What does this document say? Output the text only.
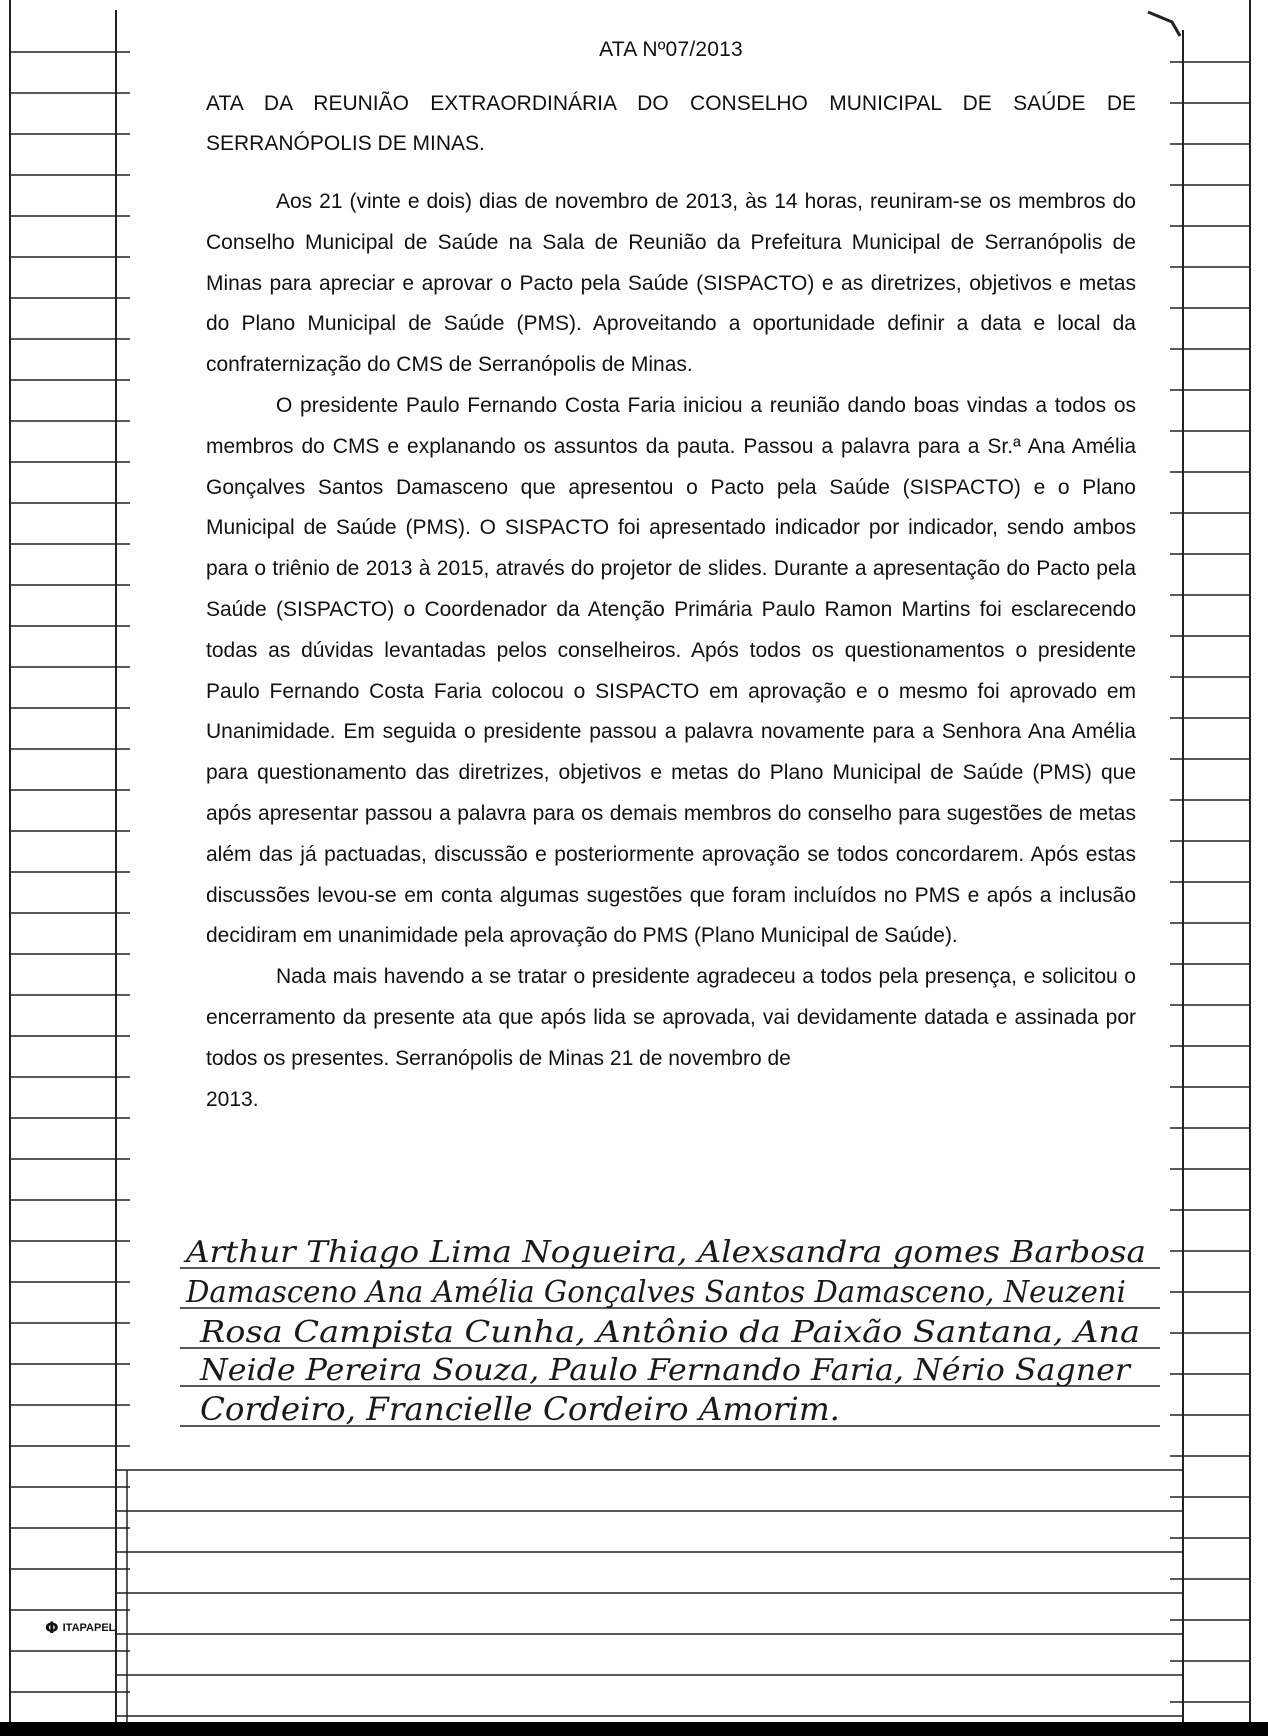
ATA Nº07/2013
ATA DA REUNIÃO EXTRAORDINÁRIA DO CONSELHO MUNICIPAL DE SAÚDE DE SERRANÓPOLIS DE MINAS.

Aos 21 (vinte e dois) dias de novembro de 2013, às 14 horas, reuniram-se os membros do Conselho Municipal de Saúde na Sala de Reunião da Prefeitura Municipal de Serranópolis de Minas para apreciar e aprovar o Pacto pela Saúde (SISPACTO) e as diretrizes, objetivos e metas do Plano Municipal de Saúde (PMS). Aproveitando a oportunidade definir a data e local da confraternização do CMS de Serranópolis de Minas.

O presidente Paulo Fernando Costa Faria iniciou a reunião dando boas vindas a todos os membros do CMS e explanando os assuntos da pauta. Passou a palavra para a Sr.ª Ana Amélia Gonçalves Santos Damasceno que apresentou o Pacto pela Saúde (SISPACTO) e o Plano Municipal de Saúde (PMS). O SISPACTO foi apresentado indicador por indicador, sendo ambos para o triênio de 2013 à 2015, através do projetor de slides. Durante a apresentação do Pacto pela Saúde (SISPACTO) o Coordenador da Atenção Primária Paulo Ramon Martins foi esclarecendo todas as dúvidas levantadas pelos conselheiros. Após todos os questionamentos o presidente Paulo Fernando Costa Faria colocou o SISPACTO em aprovação e o mesmo foi aprovado em Unanimidade. Em seguida o presidente passou a palavra novamente para a Senhora Ana Amélia para questionamento das diretrizes, objetivos e metas do Plano Municipal de Saúde (PMS) que após apresentar passou a palavra para os demais membros do conselho para sugestões de metas além das já pactuadas, discussão e posteriormente aprovação se todos concordarem. Após estas discussões levou-se em conta algumas sugestões que foram incluídos no PMS e após a inclusão decidiram em unanimidade pela aprovação do PMS (Plano Municipal de Saúde).

Nada mais havendo a se tratar o presidente agradeceu a todos pela presença, e solicitou o encerramento da presente ata que após lida se aprovada, vai devidamente datada e assinada por todos os presentes. Serranópolis de Minas 21 de novembro de

2013.
Arthur Thiago Lima Nogueira, Alexsandra gomes Barbosa
Damasceno Ana Amélia Gonçalves Santos Damasceno, Neuzeni
Rosa Campista Cunha, Antônio da Paixão Santana, Ana
Neide Pereira Souza, Paulo Fernando Faria, Nério Sagner
Cordeiro, Francielle Cordeiro Amorim.
Φ ITAPAPEL
